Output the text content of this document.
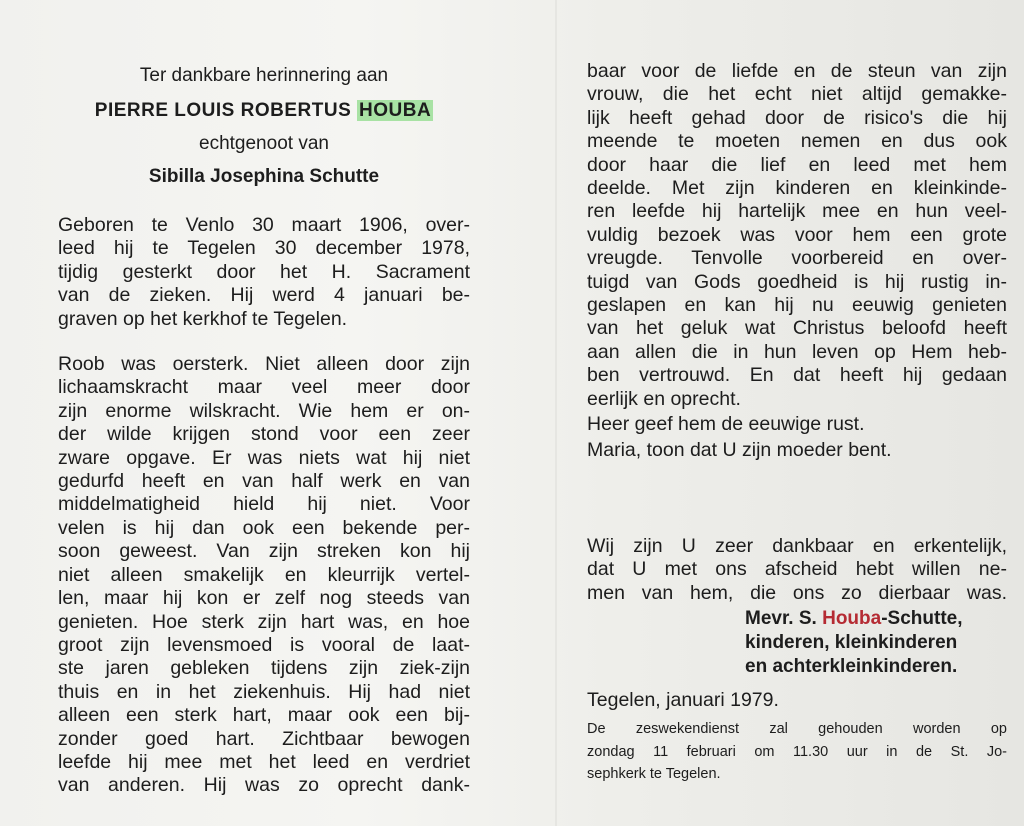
Ter dankbare herinnering aan
PIERRE LOUIS ROBERTUS HOUBA
echtgenoot van
Sibilla Josephina Schutte
Geboren te Venlo 30 maart 1906, over-
leed hij te Tegelen 30 december 1978,
tijdig gesterkt door het H. Sacrament
van de zieken. Hij werd 4 januari be-
graven op het kerkhof te Tegelen.
Roob was oersterk. Niet alleen door zijn
lichaamskracht maar veel meer door
zijn enorme wilskracht. Wie hem er on-
der wilde krijgen stond voor een zeer
zware opgave. Er was niets wat hij niet
gedurfd heeft en van half werk en van
middelmatigheid hield hij niet. Voor
velen is hij dan ook een bekende per-
soon geweest. Van zijn streken kon hij
niet alleen smakelijk en kleurrijk vertel-
len, maar hij kon er zelf nog steeds van
genieten. Hoe sterk zijn hart was, en hoe
groot zijn levensmoed is vooral de laat-
ste jaren gebleken tijdens zijn ziek-zijn
thuis en in het ziekenhuis. Hij had niet
alleen een sterk hart, maar ook een bij-
zonder goed hart. Zichtbaar bewogen
leefde hij mee met het leed en verdriet
van anderen. Hij was zo oprecht dank-
baar voor de liefde en de steun van zijn
vrouw, die het echt niet altijd gemakke-
lijk heeft gehad door de risico's die hij
meende te moeten nemen en dus ook
door haar die lief en leed met hem
deelde. Met zijn kinderen en kleinkinde-
ren leefde hij hartelijk mee en hun veel-
vuldig bezoek was voor hem een grote
vreugde. Tenvolle voorbereid en over-
tuigd van Gods goedheid is hij rustig in-
geslapen en kan hij nu eeuwig genieten
van het geluk wat Christus beloofd heeft
aan allen die in hun leven op Hem heb-
ben vertrouwd. En dat heeft hij gedaan
eerlijk en oprecht.
Heer geef hem de eeuwige rust.
Maria, toon dat U zijn moeder bent.
Wij zijn U zeer dankbaar en erkentelijk,
dat U met ons afscheid hebt willen ne-
men van hem, die ons zo dierbaar was.
Mevr. S. Houba-Schutte,
kinderen, kleinkinderen
en achterkleinkinderen.
Tegelen, januari 1979.
De zeswekendienst zal gehouden worden op
zondag 11 februari om 11.30 uur in de St. Jo-
sephkerk te Tegelen.
